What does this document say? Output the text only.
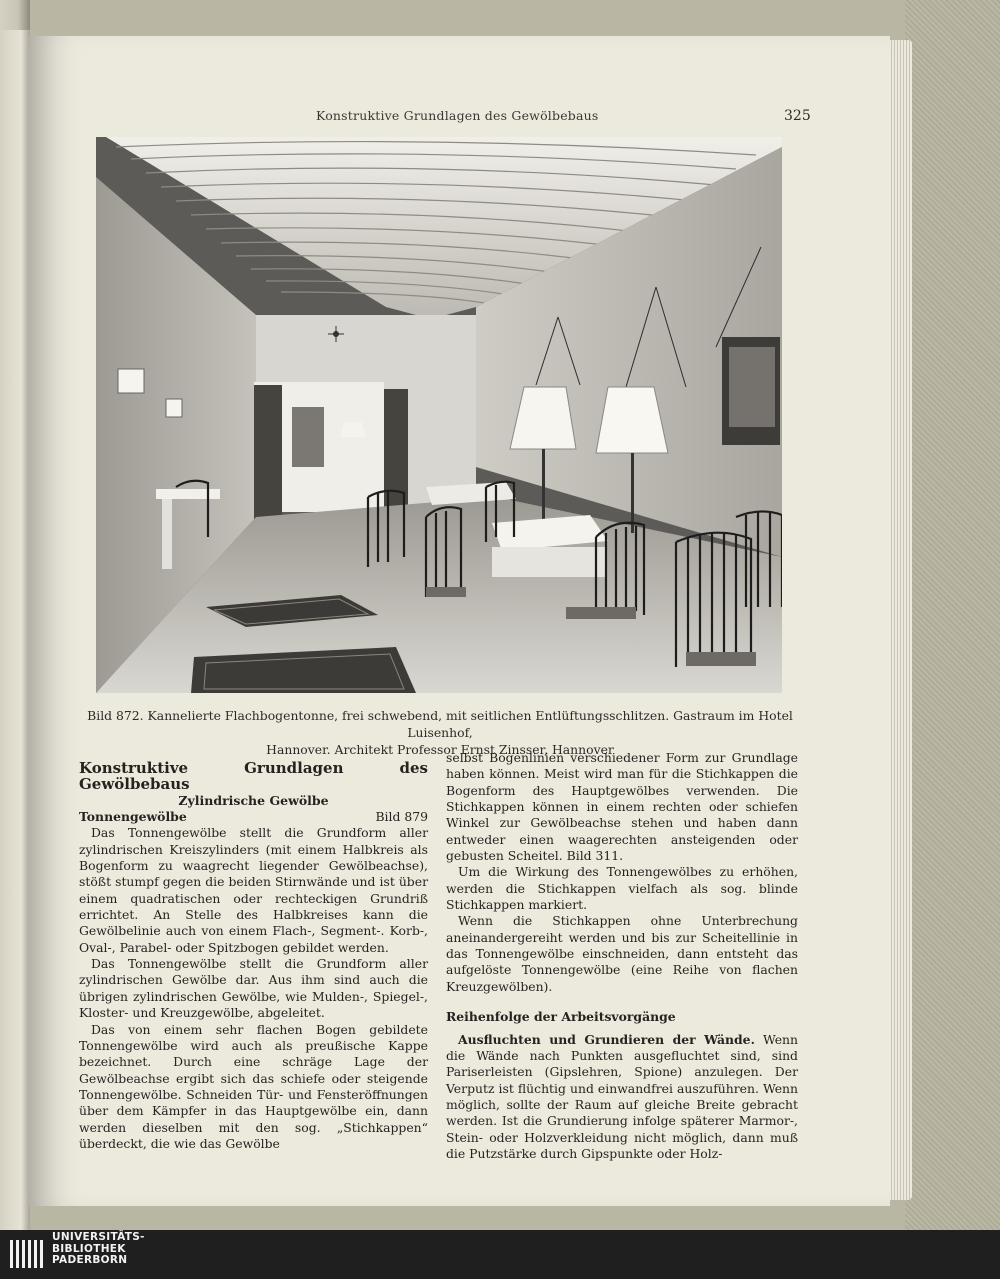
Konstruktive Grundlagen des Gewölbebaus	325
Bild 872. Kannelierte Flachbogentonne, frei schwebend, mit seitlichen Entlüftungsschlitzen. Gastraum im Hotel Luisenhof,
Hannover. Architekt Professor Ernst Zinsser, Hannover

Konstruktive Grundlagen des Gewölbebaus

Zylindrische Gewölbe

Tonnengewölbe	Bild 879

Das Tonnengewölbe stellt die Grundform aller zylindrischen Kreiszylinders (mit einem Halbkreis als Bogenform zu waagrecht liegender Gewölbeachse), stößt stumpf gegen die beiden Stirnwände und ist über einem quadratischen oder rechteckigen Grundriß errichtet. An Stelle des Halbkreises kann die Gewölbelinie auch von einem Flach-, Segment-. Korb-, Oval-, Parabel- oder Spitzbogen gebildet werden.

Das Tonnengewölbe stellt die Grundform aller zylindrischen Gewölbe dar. Aus ihm sind auch die übrigen zylindrischen Gewölbe, wie Mulden-, Spiegel-, Kloster- und Kreuzgewölbe, abgeleitet.

Das von einem sehr flachen Bogen gebildete Tonnengewölbe wird auch als preußische Kappe bezeichnet. Durch eine schräge Lage der Gewölbeachse ergibt sich das schiefe oder steigende Tonnengewölbe. Schneiden Tür- und Fensteröffnungen über dem Kämpfer in das Hauptgewölbe ein, dann werden dieselben mit den sog. „Stichkappen“ überdeckt, die wie das Gewölbe

selbst Bogenlinien verschiedener Form zur Grundlage haben können. Meist wird man für die Stichkappen die Bogenform des Hauptgewölbes verwenden. Die Stichkappen können in einem rechten oder schiefen Winkel zur Gewölbeachse stehen und haben dann entweder einen waagerechten ansteigenden oder gebusten Scheitel. Bild 311.

Um die Wirkung des Tonnengewölbes zu erhöhen, werden die Stichkappen vielfach als sog. blinde Stichkappen markiert.

Wenn die Stichkappen ohne Unterbrechung aneinandergereiht werden und bis zur Scheitellinie in das Tonnengewölbe einschneiden, dann entsteht das aufgelöste Tonnengewölbe (eine Reihe von flachen Kreuzgewölben).

Reihenfolge der Arbeitsvorgänge

Ausfluchten und Grundieren der Wände. Wenn die Wände nach Punkten ausgefluchtet sind, sind Pariserleisten (Gipslehren, Spione) anzulegen. Der Verputz ist flüchtig und einwandfrei auszuführen. Wenn möglich, sollte der Raum auf gleiche Breite gebracht werden. Ist die Grundierung infolge späterer Marmor-, Stein- oder Holzverkleidung nicht möglich, dann muß die Putzstärke durch Gipspunkte oder Holz-

UNIVERSITÄTS-
BIBLIOTHEK
PADERBORN
